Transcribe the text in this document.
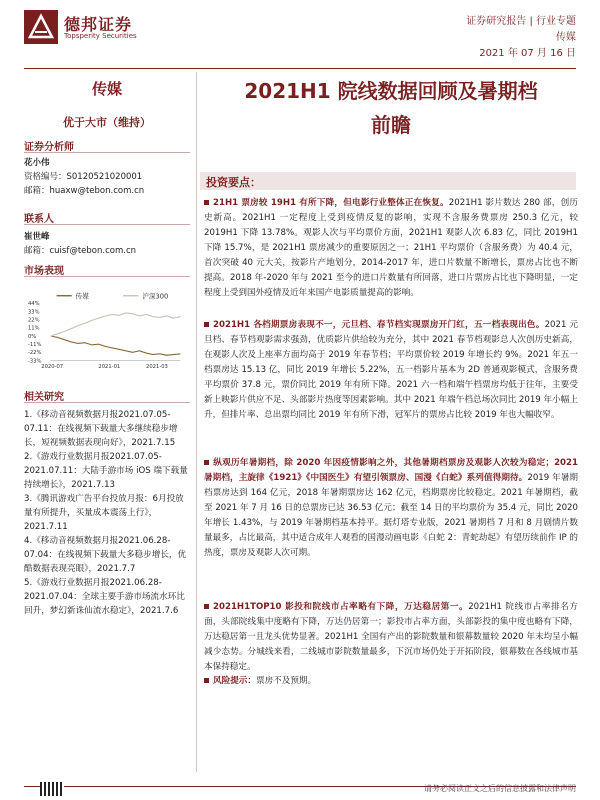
德邦证券
Topsperity Securities
证券研究报告 | 行业专题
传媒
2021 年 07 月 16 日
传媒
优于大市（维持）
证券分析师
花小伟
资格编号：S0120521020001
邮箱：huaxw@tebon.com.cn
联系人
崔世峰
邮箱：cuisf@tebon.com.cn
市场表现
传媒	沪深300
44%
33%
22%
11%
0%
-11%
-22%
-33%
2020-07	2021-01	2021-03
相关研究

1.《移动音视频数据月报2021.07.05-07.11：在线视频下载量大多继续稳步增长，短视频数据表现向好》，2021.7.15

2.《游戏行业数据月报2021.07.05-2021.07.11：大陆手游市场 iOS 端下载量持续增长》，2021.7.13

3.《腾讯游戏广告平台投放月报：6月投放量有所提升，买量成本震荡上行》，2021.7.11

4.《移动音视频数据月报2021.06.28-07.04：在线视频下载量大多稳步增长，优酷数据表现亮眼》，2021.7.7

5.《游戏行业数据月报2021.06.28-2021.07.04：全球主要手游市场流水环比回升，梦幻新诛仙流水稳定》，2021.7.6

2021H1 院线数据回顾及暑期档
前瞻
投资要点：
21H1 票房较 19H1 有所下降，但电影行业整体正在恢复。2021H1 影片数达 280 部，创历史新高。2021H1 一定程度上受到疫情反复的影响，实现不含服务费票房 250.3 亿元，较 2019H1 下降 13.78%。观影人次与平均票价方面，2021H1 观影人次 6.83 亿，同比 2019H1 下降 15.7%，是 2021H1 票房减少的重要原因之一；21H1 平均票价（含服务费）为 40.4 元，首次突破 40 元大关，按影片产地划分，2014-2017 年，进口片数量不断增长，票房占比也不断提高。2018 年-2020 年与 2021 至今的进口片数量有所回落，进口片票房占比也下降明显，一定程度上受到国外疫情及近年来国产电影质量提高的影响。
2021H1 各档期票房表现不一，元旦档、春节档实现票房开门红，五一档表现出色。2021 元旦档、春节档观影需求强劲，优质影片供给较为充分，其中 2021 春节档观影总人次创历史新高，在观影人次及上座率方面均高于 2019 年春节档；平均票价较 2019 年增长约 9%。2021 年五一档票房达 15.13 亿，同比 2019 年增长 5.22%，五一档影片基本为 2D 普通观影模式，含服务费平均票价 37.8 元，票价同比 2019 年有所下降。2021 六一档和端午档票房均低于往年，主要受新上映影片供应不足、头部影片热度等因素影响。其中 2021 年端午档总场次同比 2019 年小幅上升，但排片率、总出票均同比 2019 年有所下滑，冠军片的票房占比较 2019 年也大幅收窄。
纵观历年暑期档，除 2020 年因疫情影响之外，其他暑期档票房及观影人次较为稳定；2021 暑期档，主旋律《1921》《中国医生》有望引领票房、国漫《白蛇》系列值得期待。2019 年暑期档票房达到 164 亿元，2018 年暑期票房达 162 亿元，档期票房比较稳定。2021 年暑期档，截至 2021 年 7 月 16 日的总票房已达 36.53 亿元；截至 14 日的平均票价为 35.4 元，同比 2020 年增长 1.43%，与 2019 年暑期档基本持平。据灯塔专业版，2021 暑期档 7 月和 8 月剧情片数量最多，占比最高，其中适合成年人观看的国漫动画电影《白蛇 2：青蛇劫起》有望历续前作 IP 的热度，票房及观影人次可期。
2021H1TOP10 影投和院线市占率略有下降，万达稳居第一。2021H1 院线市占率排名方面，头部院线集中度略有下降，万达仍居第一；影投市占率方面，头部影投的集中度也略有下降，万达稳居第一且龙头优势显著。2021H1 全国有产出的影院数量和银幕数量较 2020 年末均呈小幅减少态势。分城线来看，二线城市影院数量最多，下沉市场仍处于开拓阶段，银幕数在各线城市基本保持稳定。
风险提示：票房不及预期。
请务必阅读正文之后的信息披露和法律声明
